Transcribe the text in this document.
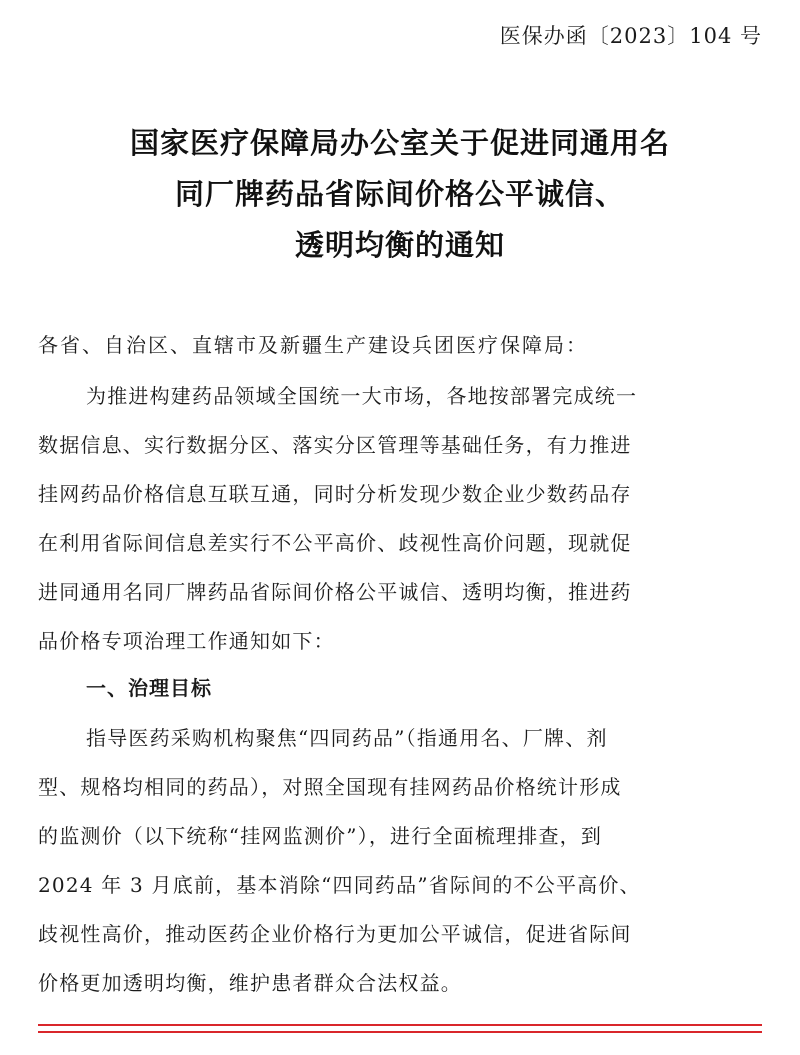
医保办函〔2023〕104 号
国家医疗保障局办公室关于促进同通用名
同厂牌药品省际间价格公平诚信、
透明均衡的通知
各省、自治区、直辖市及新疆生产建设兵团医疗保障局：
为推进构建药品领域全国统一大市场，各地按部署完成统一
数据信息、实行数据分区、落实分区管理等基础任务，有力推进
挂网药品价格信息互联互通，同时分析发现少数企业少数药品存
在利用省际间信息差实行不公平高价、歧视性高价问题，现就促
进同通用名同厂牌药品省际间价格公平诚信、透明均衡，推进药
品价格专项治理工作通知如下：
一、治理目标
指导医药采购机构聚焦“四同药品”（指通用名、厂牌、剂
型、规格均相同的药品），对照全国现有挂网药品价格统计形成
的监测价（以下统称“挂网监测价”），进行全面梳理排查，到
2024 年 3 月底前，基本消除“四同药品”省际间的不公平高价、
歧视性高价，推动医药企业价格行为更加公平诚信，促进省际间
价格更加透明均衡，维护患者群众合法权益。
